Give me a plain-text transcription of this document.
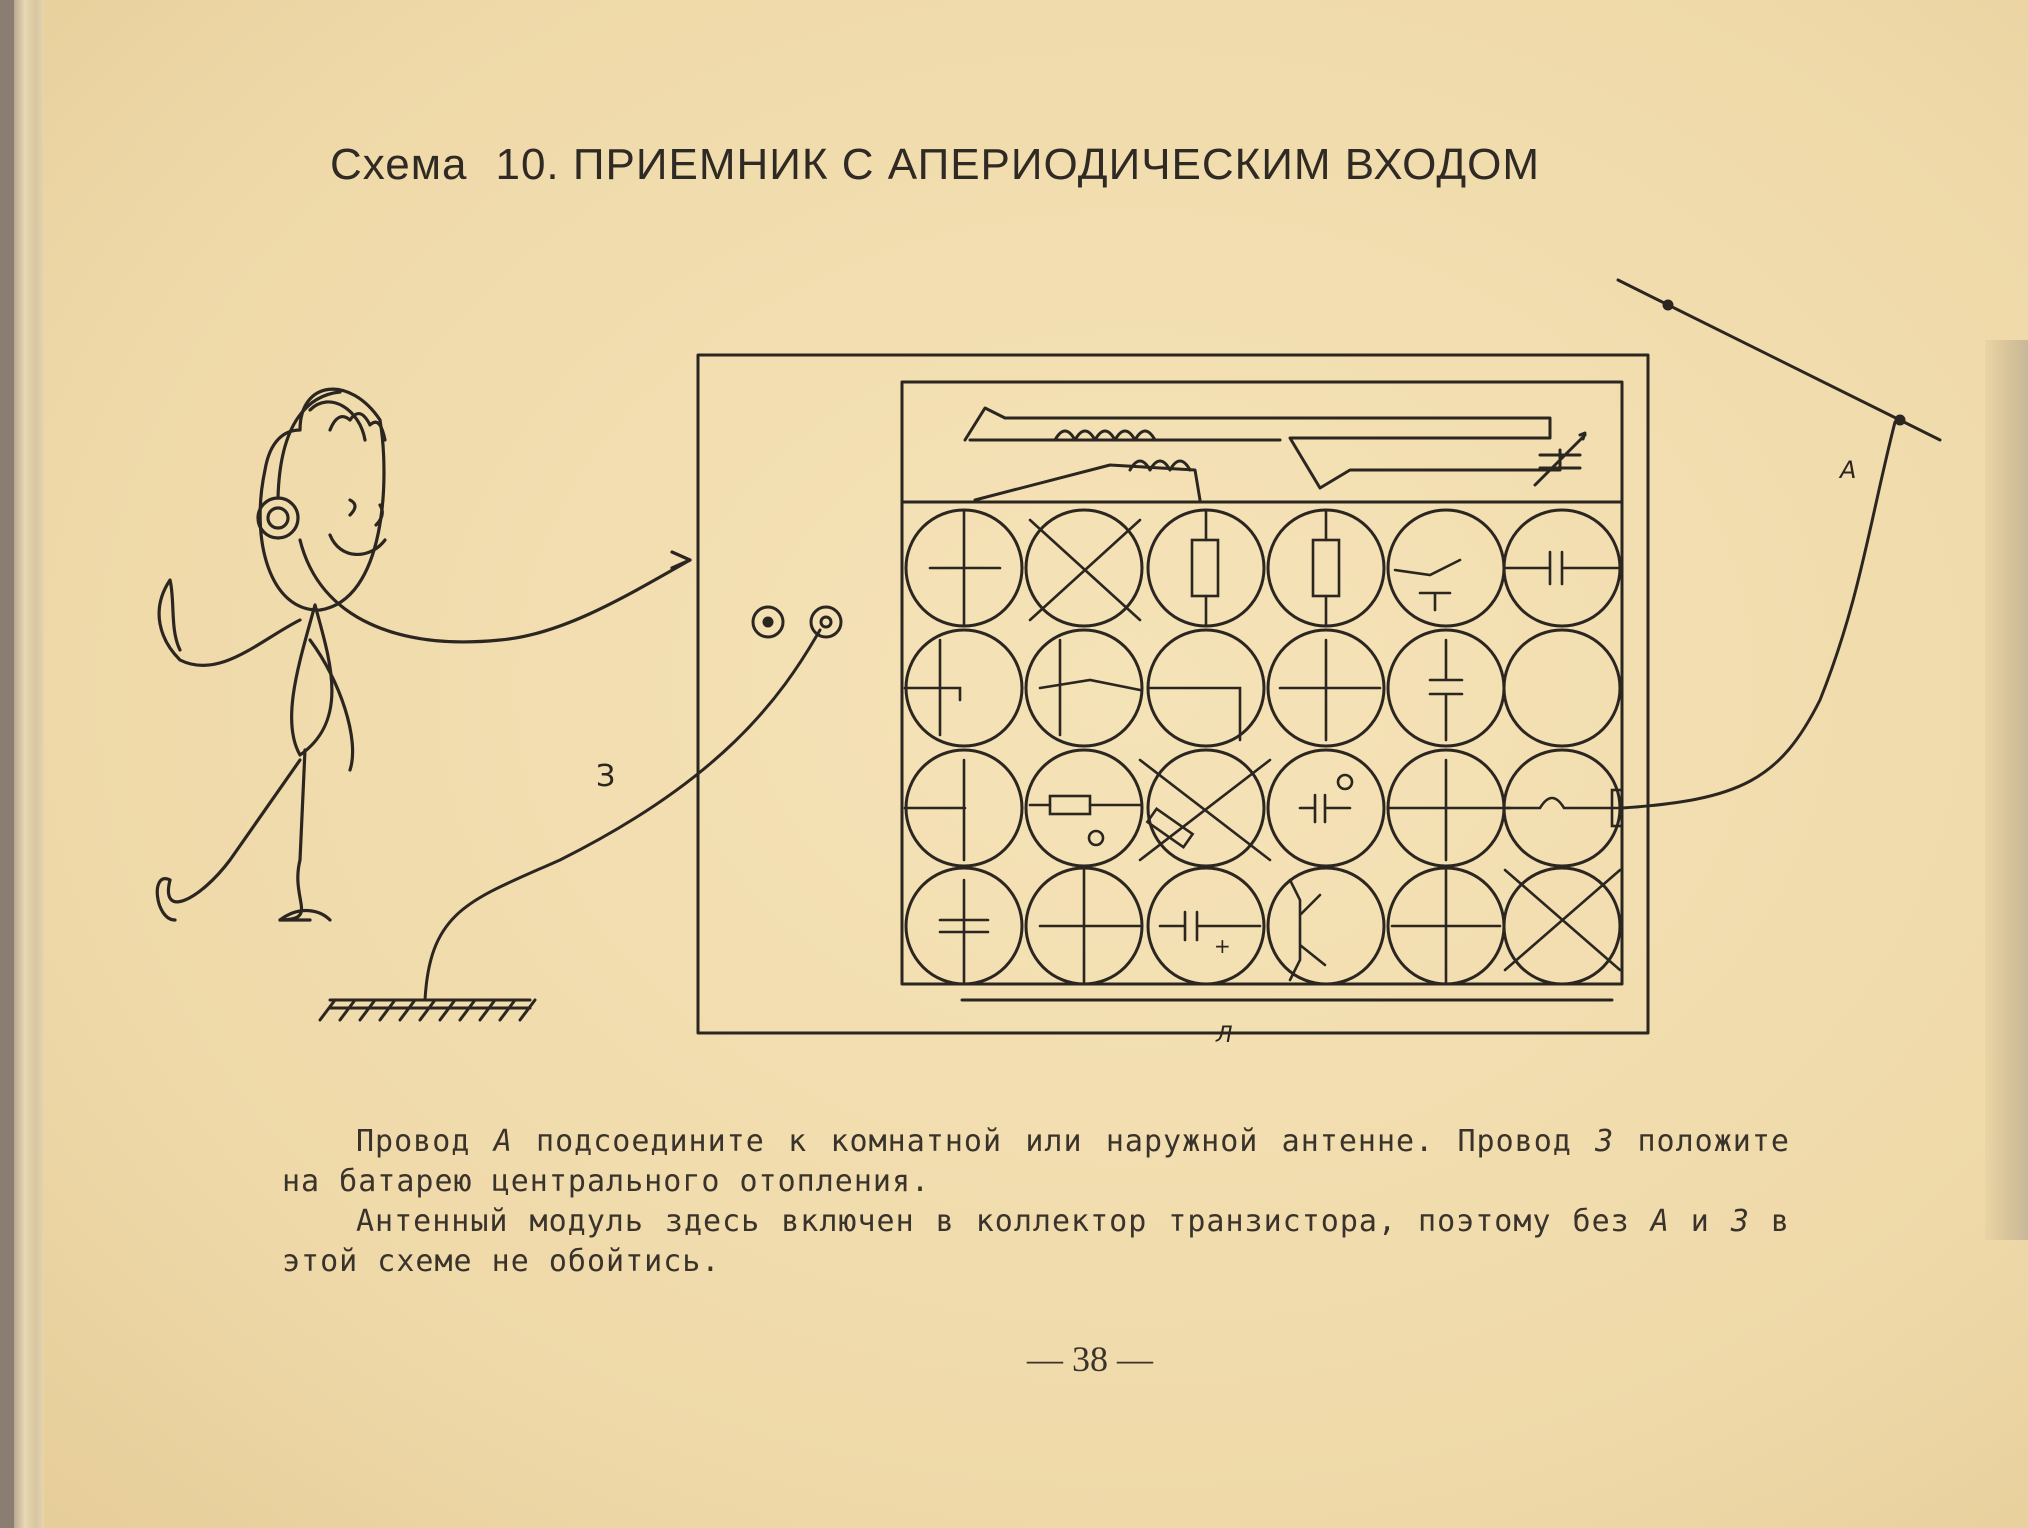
Схема 10. ПРИЕМНИК С АПЕРИОДИЧЕСКИМ ВХОДОМ
А
З
Л
+

Провод А подсоедините к комнатной или наружной антенне. Провод З положите на батарею центрального отопления.

Антенный модуль здесь включен в коллектор транзистора, поэтому без А и З в этой схеме не обойтись.

— 38 —
